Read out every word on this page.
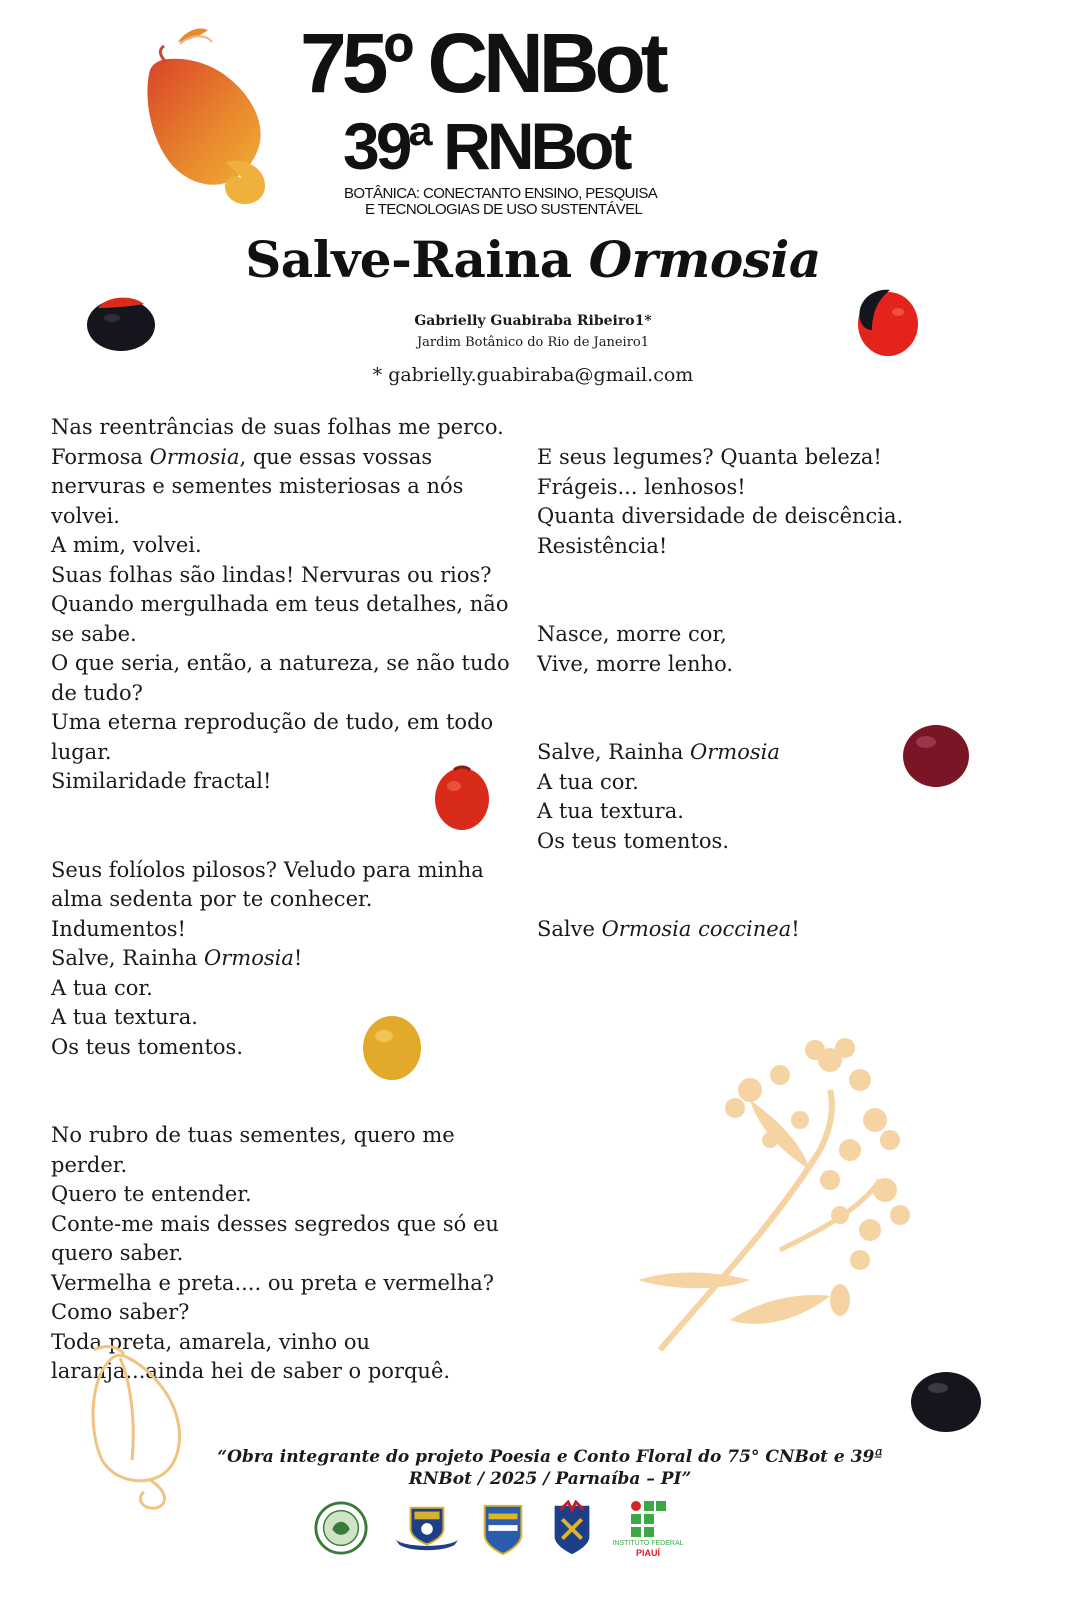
75º CNBot
39ª RNBot
BOTÂNICA: CONECTANTO ENSINO, PESQUISA
E TECNOLOGIAS DE USO SUSTENTÁVEL
Salve-Raina Ormosia
Gabrielly Guabiraba Ribeiro1*
Jardim Botânico do Rio de Janeiro1
* gabrielly.guabiraba@gmail.com
Nas reentrâncias de suas folhas me perco.
Formosa Ormosia, que essas vossas
nervuras e sementes misteriosas a nós
volvei.
A mim, volvei.
Suas folhas são lindas! Nervuras ou rios?
Quando mergulhada em teus detalhes, não
se sabe.
O que seria, então, a natureza, se não tudo
de tudo?
Uma eterna reprodução de tudo, em todo
lugar.
Similaridade fractal!
Seus folíolos pilosos? Veludo para minha
alma sedenta por te conhecer.
Indumentos!
Salve, Rainha Ormosia!
A tua cor.
A tua textura.
Os teus tomentos.
No rubro de tuas sementes, quero me
perder.
Quero te entender.
Conte-me mais desses segredos que só eu
quero saber.
Vermelha e preta.... ou preta e vermelha?
Como saber?
Toda preta, amarela, vinho ou
laranja...ainda hei de saber o porquê.
E seus legumes? Quanta beleza!
Frágeis... lenhosos!
Quanta diversidade de deiscência.
Resistência!
Nasce, morre cor,
Vive, morre lenho.
Salve, Rainha Ormosia
A tua cor.
A tua textura.
Os teus tomentos.
Salve Ormosia coccinea!
“Obra integrante do projeto Poesia e Conto Floral do 75° CNBot e 39ª
RNBot / 2025 / Parnaíba – PI”
INSTITUTO FEDERAL
PIAUÍ
